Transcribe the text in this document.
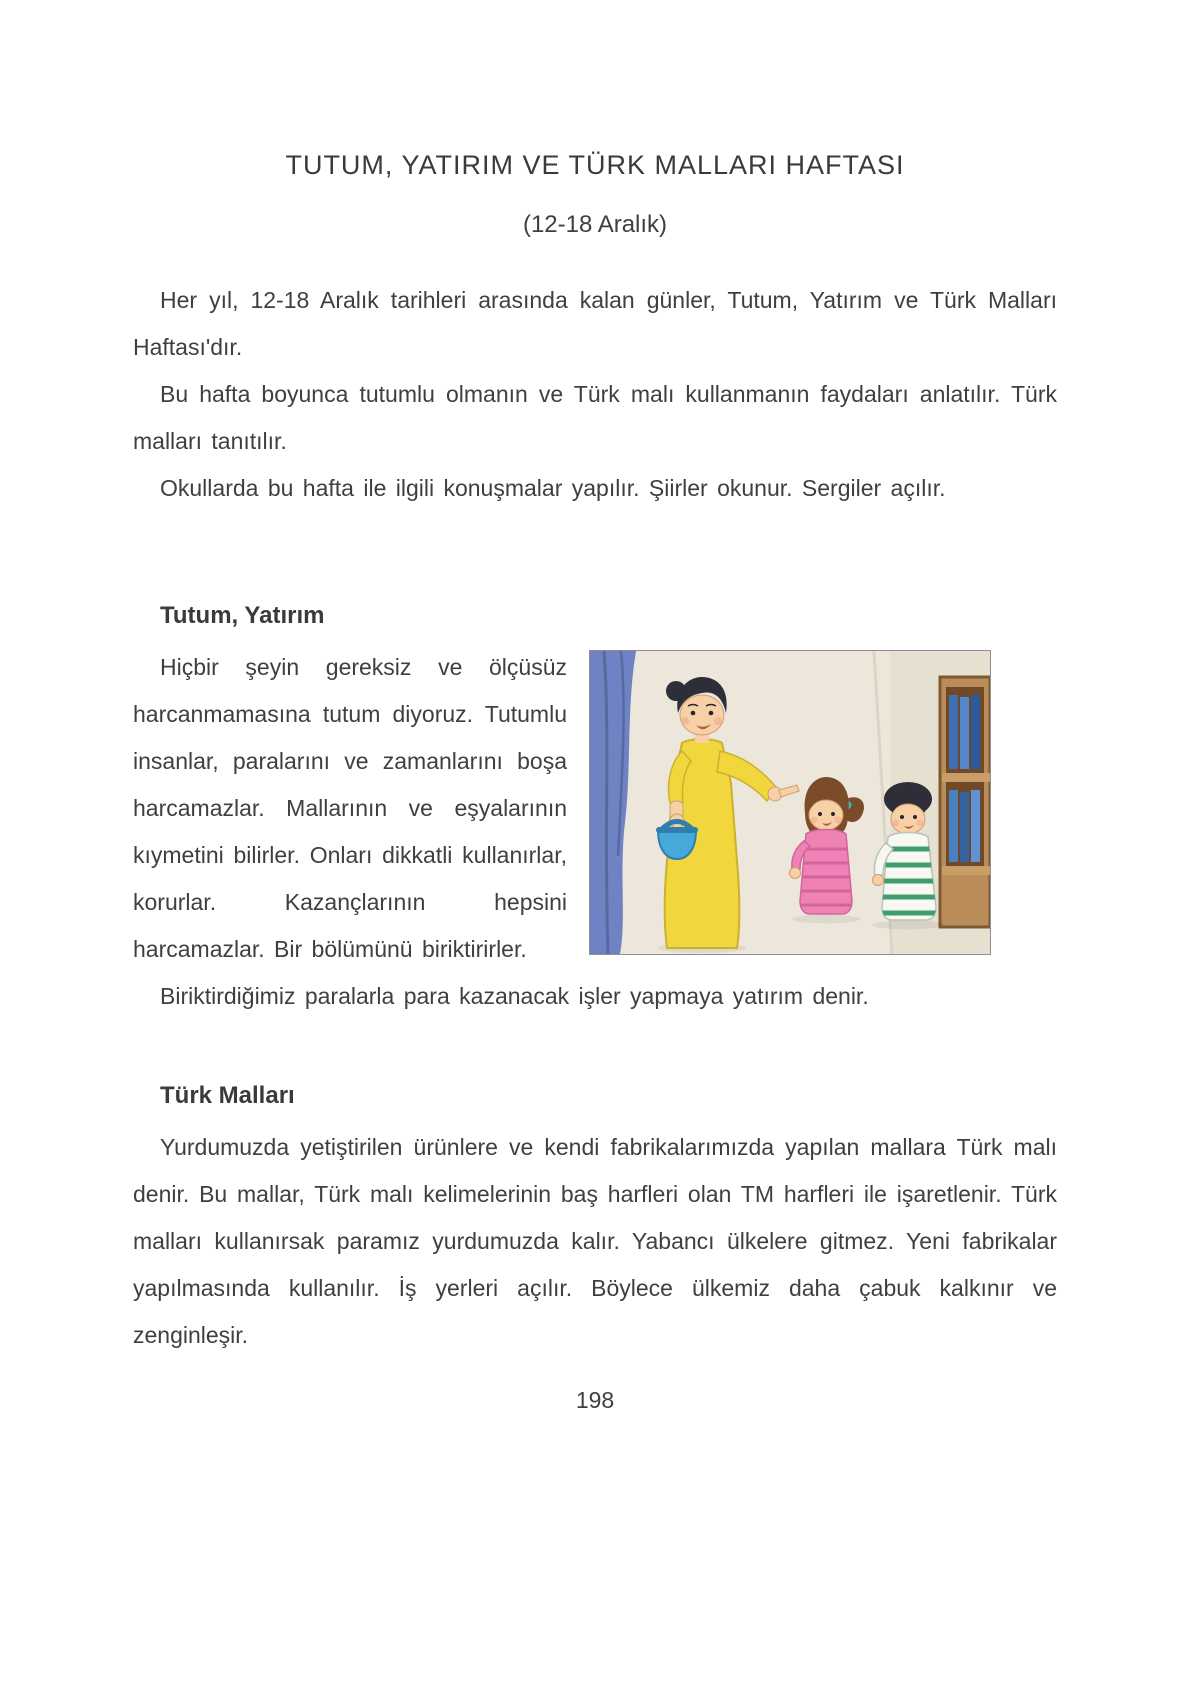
TUTUM, YATIRIM VE TÜRK MALLARI HAFTASI
(12-18 Aralık)

Her yıl, 12-18 Aralık tarihleri arasında kalan günler, Tutum, Yatırım ve Türk Malları Haftası'dır.

Bu hafta boyunca tutumlu olmanın ve Türk malı kullanmanın faydaları anlatılır. Türk malları tanıtılır.

Okullarda bu hafta ile ilgili konuşmalar yapılır. Şiirler okunur. Sergiler açılır.

Tutum, Yatırım

Hiçbir şeyin gereksiz ve ölçüsüz harcanmamasına tutum diyoruz. Tutumlu insanlar, paralarını ve zamanlarını boşa harcamazlar. Mallarının ve eşyalarının kıymetini bilirler. Onları dikkatli kullanırlar, korurlar. Kazançlarının hepsini harcamazlar. Bir bölümünü biriktirirler.

Biriktirdiğimiz paralarla para kazanacak işler yapmaya yatırım denir.

Türk Malları

Yurdumuzda yetiştirilen ürünlere ve kendi fabrikalarımızda yapılan mallara Türk malı denir. Bu mallar, Türk malı kelimelerinin baş harfleri olan TM harfleri ile işaretlenir. Türk malları kullanırsak paramız yurdumuzda kalır. Yabancı ülkelere gitmez. Yeni fabrikalar yapılmasında kullanılır. İş yerleri açılır. Böylece ülkemiz daha çabuk kalkınır ve zenginleşir.

198
